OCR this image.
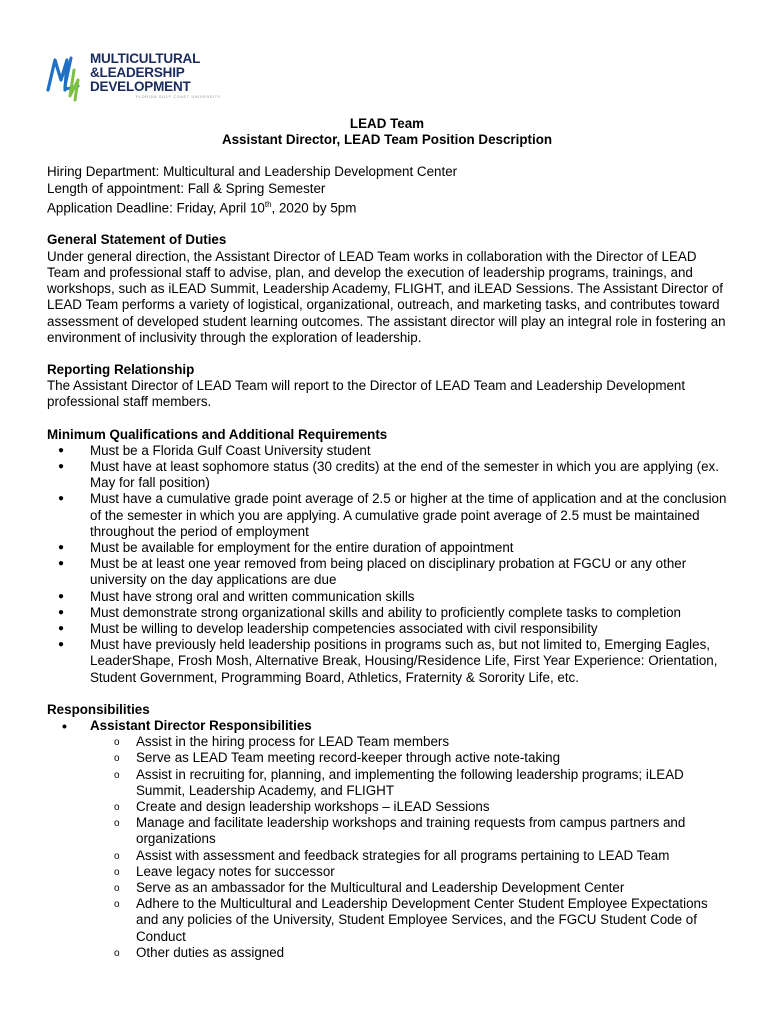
MULTICULTURAL
&LEADERSHIP
DEVELOPMENT
FLORIDA GULF COAST UNIVERSITY
LEAD Team
Assistant Director, LEAD Team Position Description
Hiring Department: Multicultural and Leadership Development Center
Length of appointment: Fall & Spring Semester
Application Deadline: Friday, April 10th, 2020 by 5pm
General Statement of Duties

Under general direction, the Assistant Director of LEAD Team works in collaboration with the Director of LEAD Team and professional staff to advise, plan, and develop the execution of leadership programs, trainings, and workshops, such as iLEAD Summit, Leadership Academy, FLIGHT, and iLEAD Sessions. The Assistant Director of LEAD Team performs a variety of logistical, organizational, outreach, and marketing tasks, and contributes toward assessment of developed student learning outcomes. The assistant director will play an integral role in fostering an environment of inclusivity through the exploration of leadership.

Reporting Relationship

The Assistant Director of LEAD Team will report to the Director of LEAD Team and Leadership Development professional staff members.

Minimum Qualifications and Additional Requirements
● Must be a Florida Gulf Coast University student
● Must have at least sophomore status (30 credits) at the end of the semester in which you are applying (ex. May for fall position)
● Must have a cumulative grade point average of 2.5 or higher at the time of application and at the conclusion of the semester in which you are applying. A cumulative grade point average of 2.5 must be maintained throughout the period of employment
● Must be available for employment for the entire duration of appointment
● Must be at least one year removed from being placed on disciplinary probation at FGCU or any other university on the day applications are due
● Must have strong oral and written communication skills
● Must demonstrate strong organizational skills and ability to proficiently complete tasks to completion
● Must be willing to develop leadership competencies associated with civil responsibility
● Must have previously held leadership positions in programs such as, but not limited to, Emerging Eagles, LeaderShape, Frosh Mosh, Alternative Break, Housing/Residence Life, First Year Experience: Orientation, Student Government, Programming Board, Athletics, Fraternity & Sorority Life, etc.
Responsibilities
• Assistant Director Responsibilities
o Assist in the hiring process for LEAD Team members
o Serve as LEAD Team meeting record-keeper through active note-taking
o Assist in recruiting for, planning, and implementing the following leadership programs; iLEAD Summit, Leadership Academy, and FLIGHT
o Create and design leadership workshops – iLEAD Sessions
o Manage and facilitate leadership workshops and training requests from campus partners and organizations
o Assist with assessment and feedback strategies for all programs pertaining to LEAD Team
o Leave legacy notes for successor
o Serve as an ambassador for the Multicultural and Leadership Development Center
o Adhere to the Multicultural and Leadership Development Center Student Employee Expectations and any policies of the University, Student Employee Services, and the FGCU Student Code of Conduct
o Other duties as assigned
